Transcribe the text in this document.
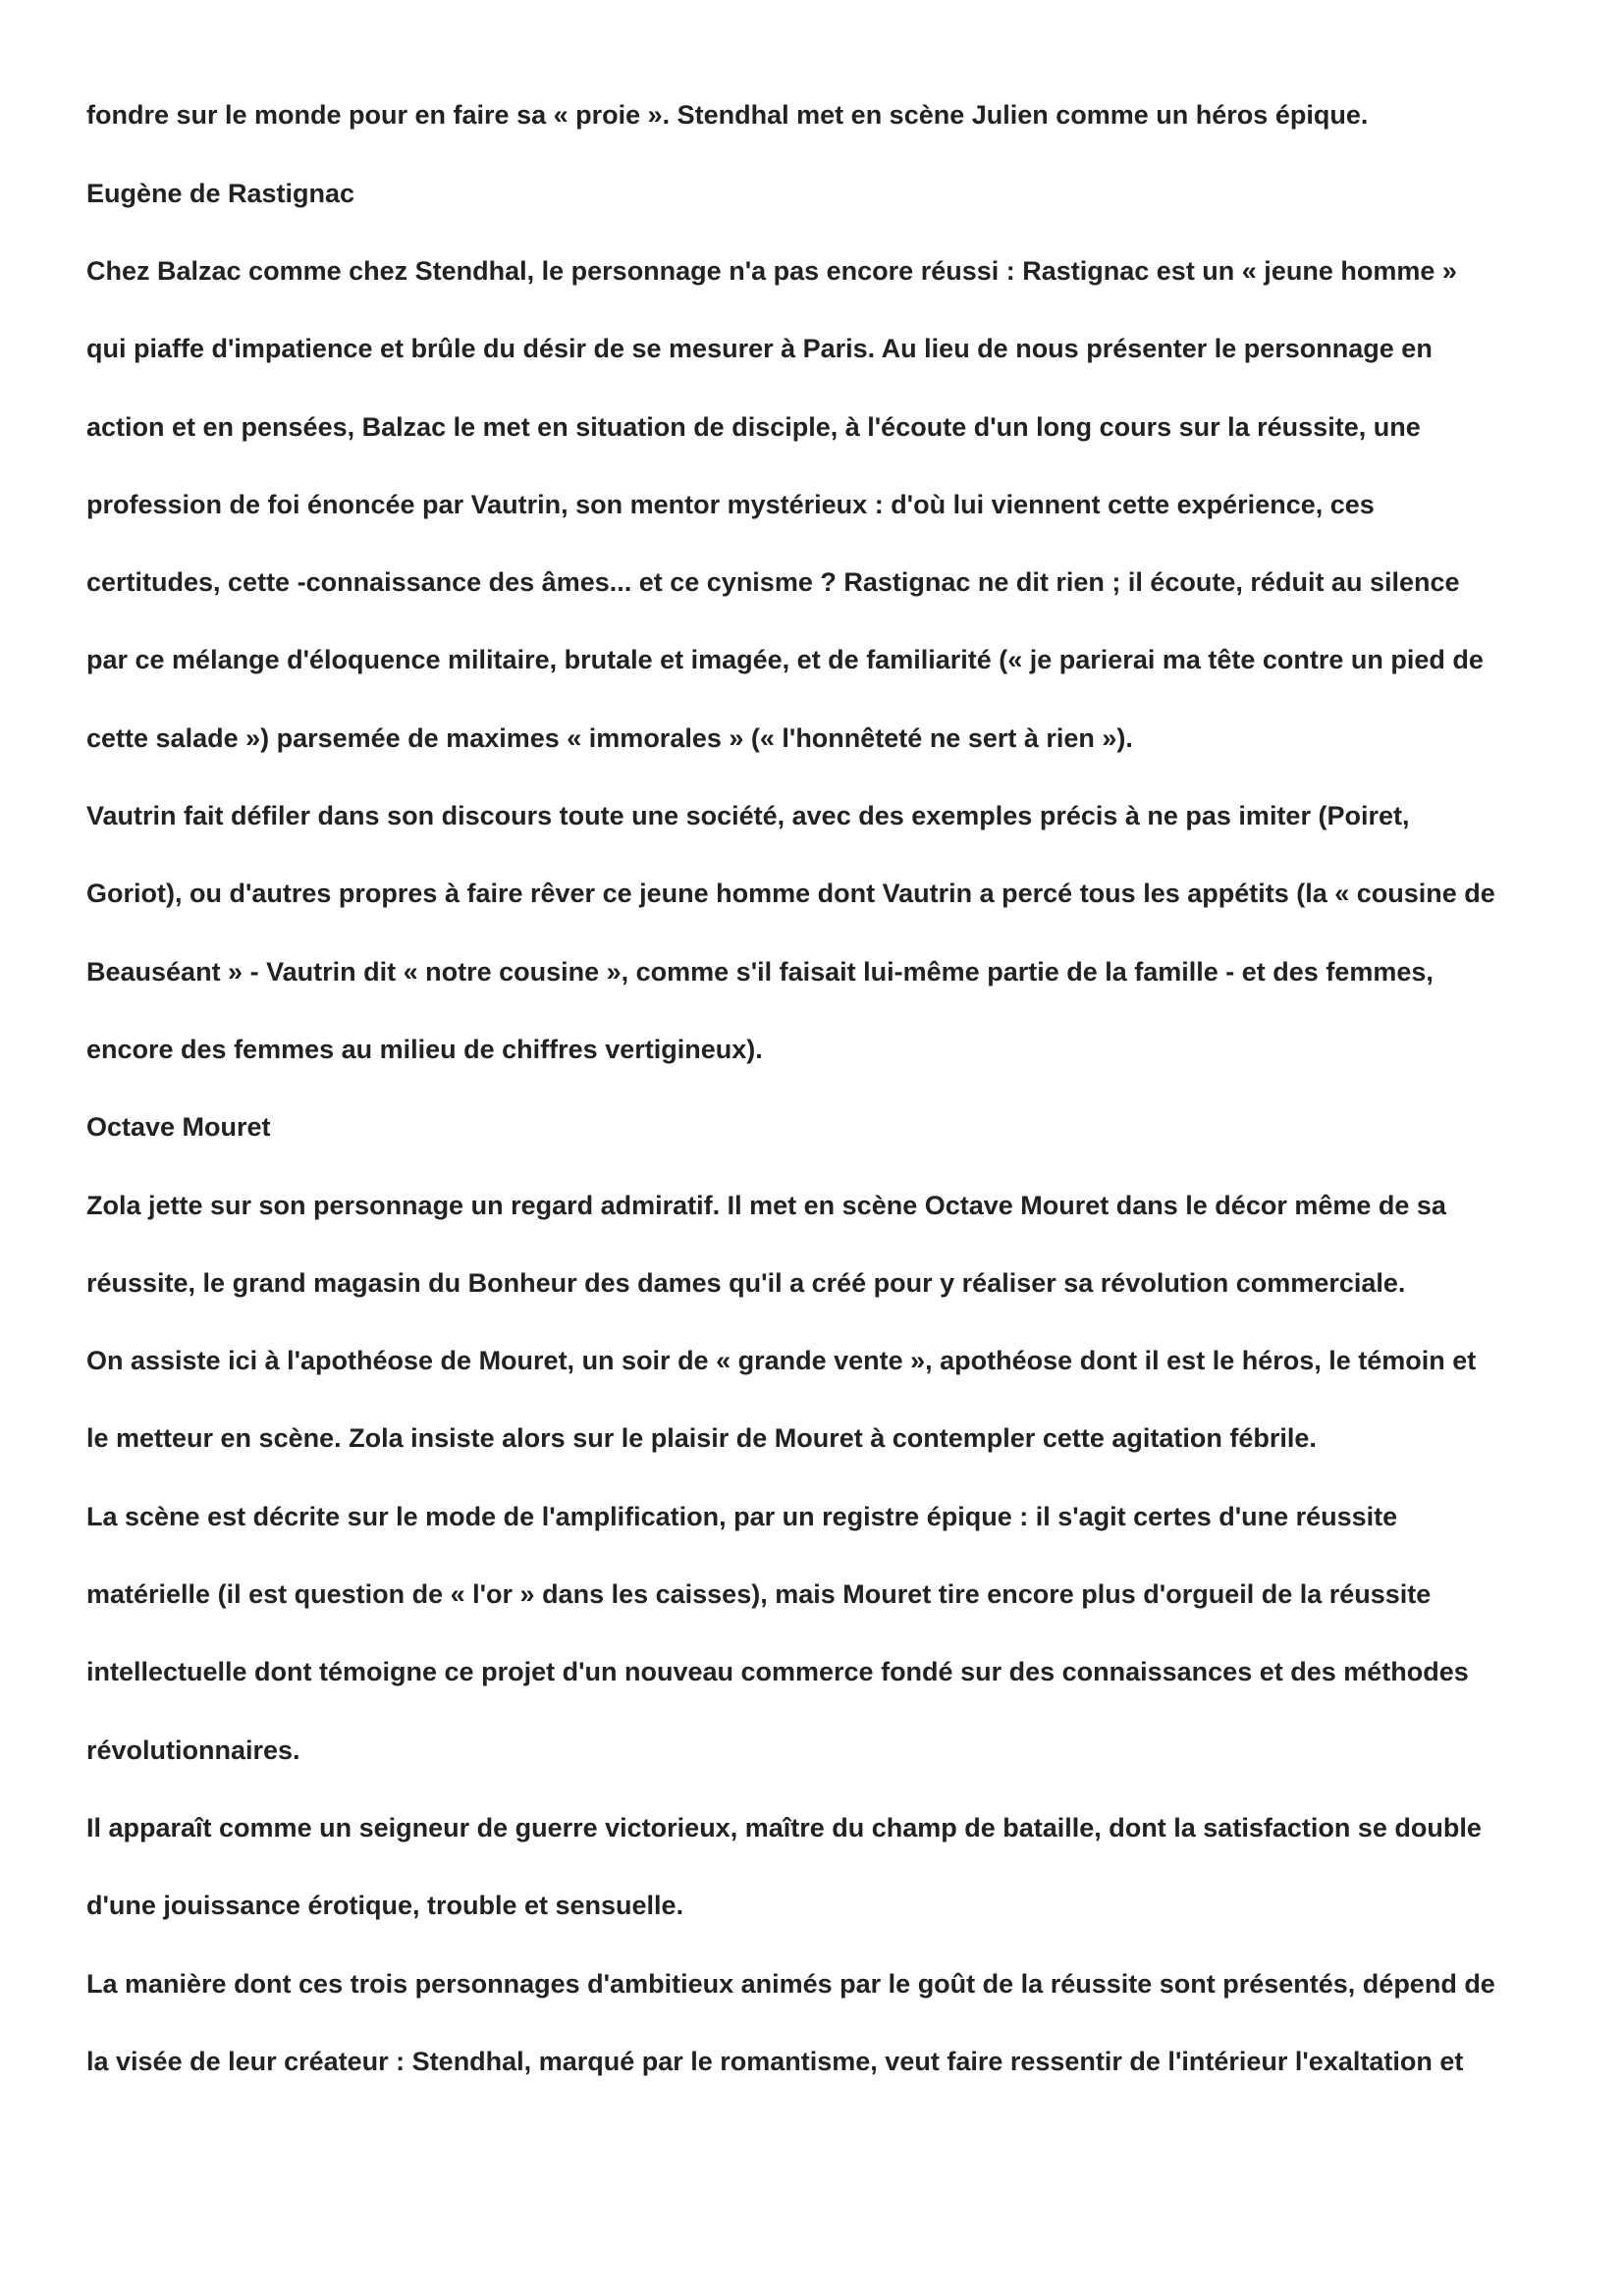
fondre sur le monde pour en faire sa « proie ». Stendhal met en scène Julien comme un héros épique.

Eugène de Rastignac

Chez Balzac comme chez Stendhal, le personnage n'a pas encore réussi : Rastignac est un « jeune homme »

qui piaffe d'impatience et brûle du désir de se mesurer à Paris. Au lieu de nous présenter le personnage en

action et en pensées, Balzac le met en situation de disciple, à l'écoute d'un long cours sur la réussite, une

profession de foi énoncée par Vautrin, son mentor mystérieux : d'où lui viennent cette expérience, ces

certitudes, cette -connaissance des âmes... et ce cynisme ? Rastignac ne dit rien ; il écoute, réduit au silence

par ce mélange d'éloquence militaire, brutale et imagée, et de familiarité (« je parierai ma tête contre un pied de

cette salade ») parsemée de maximes « immorales » (« l'honnêteté ne sert à rien »).

Vautrin fait défiler dans son discours toute une société, avec des exemples précis à ne pas imiter (Poiret,

Goriot), ou d'autres propres à faire rêver ce jeune homme dont Vautrin a percé tous les appétits (la « cousine de

Beauséant » - Vautrin dit « notre cousine », comme s'il faisait lui-même partie de la famille - et des femmes,

encore des femmes au milieu de chiffres vertigineux).

Octave Mouret

Zola jette sur son personnage un regard admiratif. Il met en scène Octave Mouret dans le décor même de sa

réussite, le grand magasin du Bonheur des dames qu'il a créé pour y réaliser sa révolution commerciale.

On assiste ici à l'apothéose de Mouret, un soir de « grande vente », apothéose dont il est le héros, le témoin et

le metteur en scène. Zola insiste alors sur le plaisir de Mouret à contempler cette agitation fébrile.

La scène est décrite sur le mode de l'amplification, par un registre épique : il s'agit certes d'une réussite

matérielle (il est question de « l'or » dans les caisses), mais Mouret tire encore plus d'orgueil de la réussite

intellectuelle dont témoigne ce projet d'un nouveau commerce fondé sur des connaissances et des méthodes

révolutionnaires.

Il apparaît comme un seigneur de guerre victorieux, maître du champ de bataille, dont la satisfaction se double

d'une jouissance érotique, trouble et sensuelle.

La manière dont ces trois personnages d'ambitieux animés par le goût de la réussite sont présentés, dépend de

la visée de leur créateur : Stendhal, marqué par le romantisme, veut faire ressentir de l'intérieur l'exaltation et
